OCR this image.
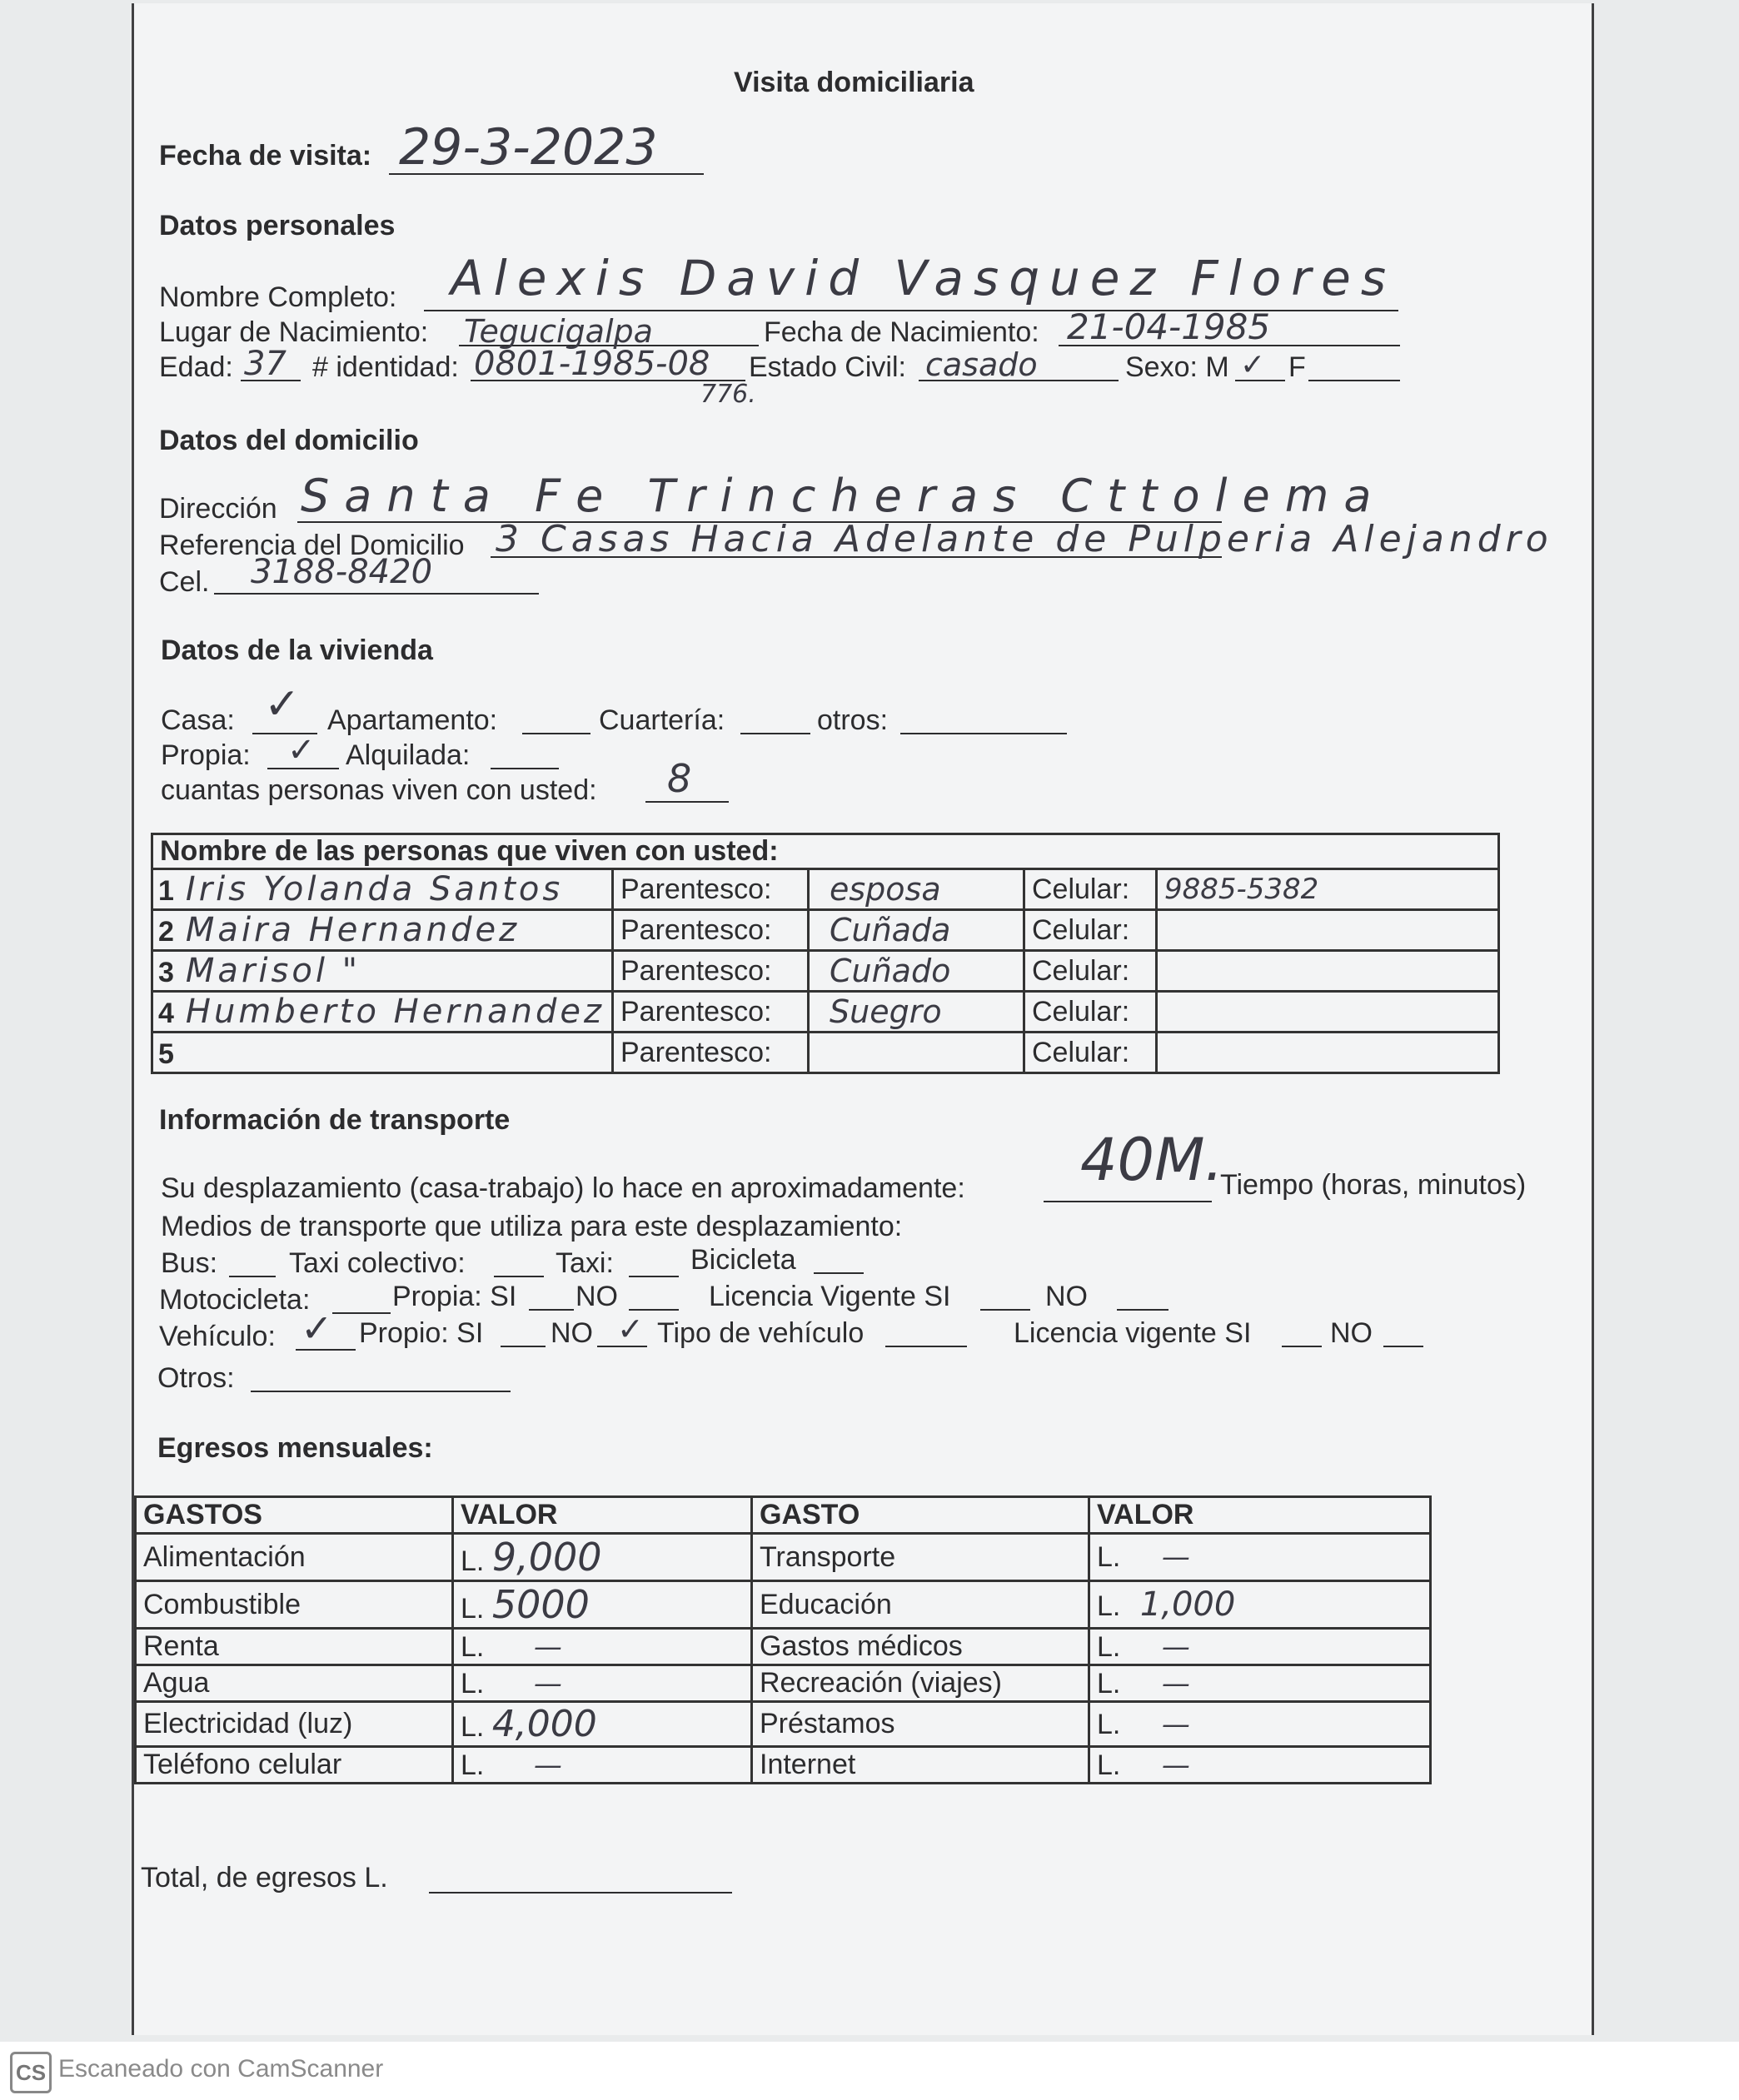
Visita domiciliaria
Fecha de visita: 29-3-2023
Datos personales
Nombre Completo: Alexis David Vasquez Flores
Lugar de Nacimiento: Tegucigalpa	Fecha de Nacimiento: 21-04-1985
Edad: 37 # identidad: 0801-1985-08
776.
Estado Civil: casado	Sexo: M ✓ F
Datos del domicilio
Dirección Santa Fe Trincheras Cttolema
Referencia del Domicilio 3 Casas Hacia Adelante de Pulperia Alejandro
Cel. 3188-8420
Datos de la vivienda
Casa: ✓ Apartamento:	Cuartería:	otros:
Propia: ✓ Alquilada:
cuantas personas viven con usted: 8
Nombre de las personas que viven con usted:				
1 Iris Yolanda Santos	Parentesco:	esposa	Celular:	9885-5382
2 Maira Hernandez	Parentesco:	Cuñada	Celular:	
3 Marisol "	Parentesco:	Cuñado	Celular:	
4 Humberto Hernandez	Parentesco:	Suegro	Celular:	
5	Parentesco:		Celular:	
Información de transporte
Su desplazamiento (casa-trabajo) lo hace en aproximadamente: 40M.
Tiempo (horas, minutos)
Medios de transporte que utiliza para este desplazamiento:
Bus:	Taxi colectivo:	Taxi:	Bicicleta
Motocicleta:	Propia: SI NO	Licencia Vigente SI	NO
Vehículo: ✓ Propio: SI NO ✓ Tipo de vehículo	Licencia vigente SI	NO
Otros:
Egresos mensuales:
GASTOS	VALOR	GASTO	VALOR
Alimentación	L. 9,000	Transporte	L. —
Combustible	L. 5000	Educación	L. 1,000
Renta	L. —	Gastos médicos	L. —
Agua	L. —	Recreación (viajes)	L. —
Electricidad (luz)	L. 4,000	Préstamos	L. —
Teléfono celular	L. —	Internet	L. —
Total, de egresos L.
CS Escaneado con CamScanner
